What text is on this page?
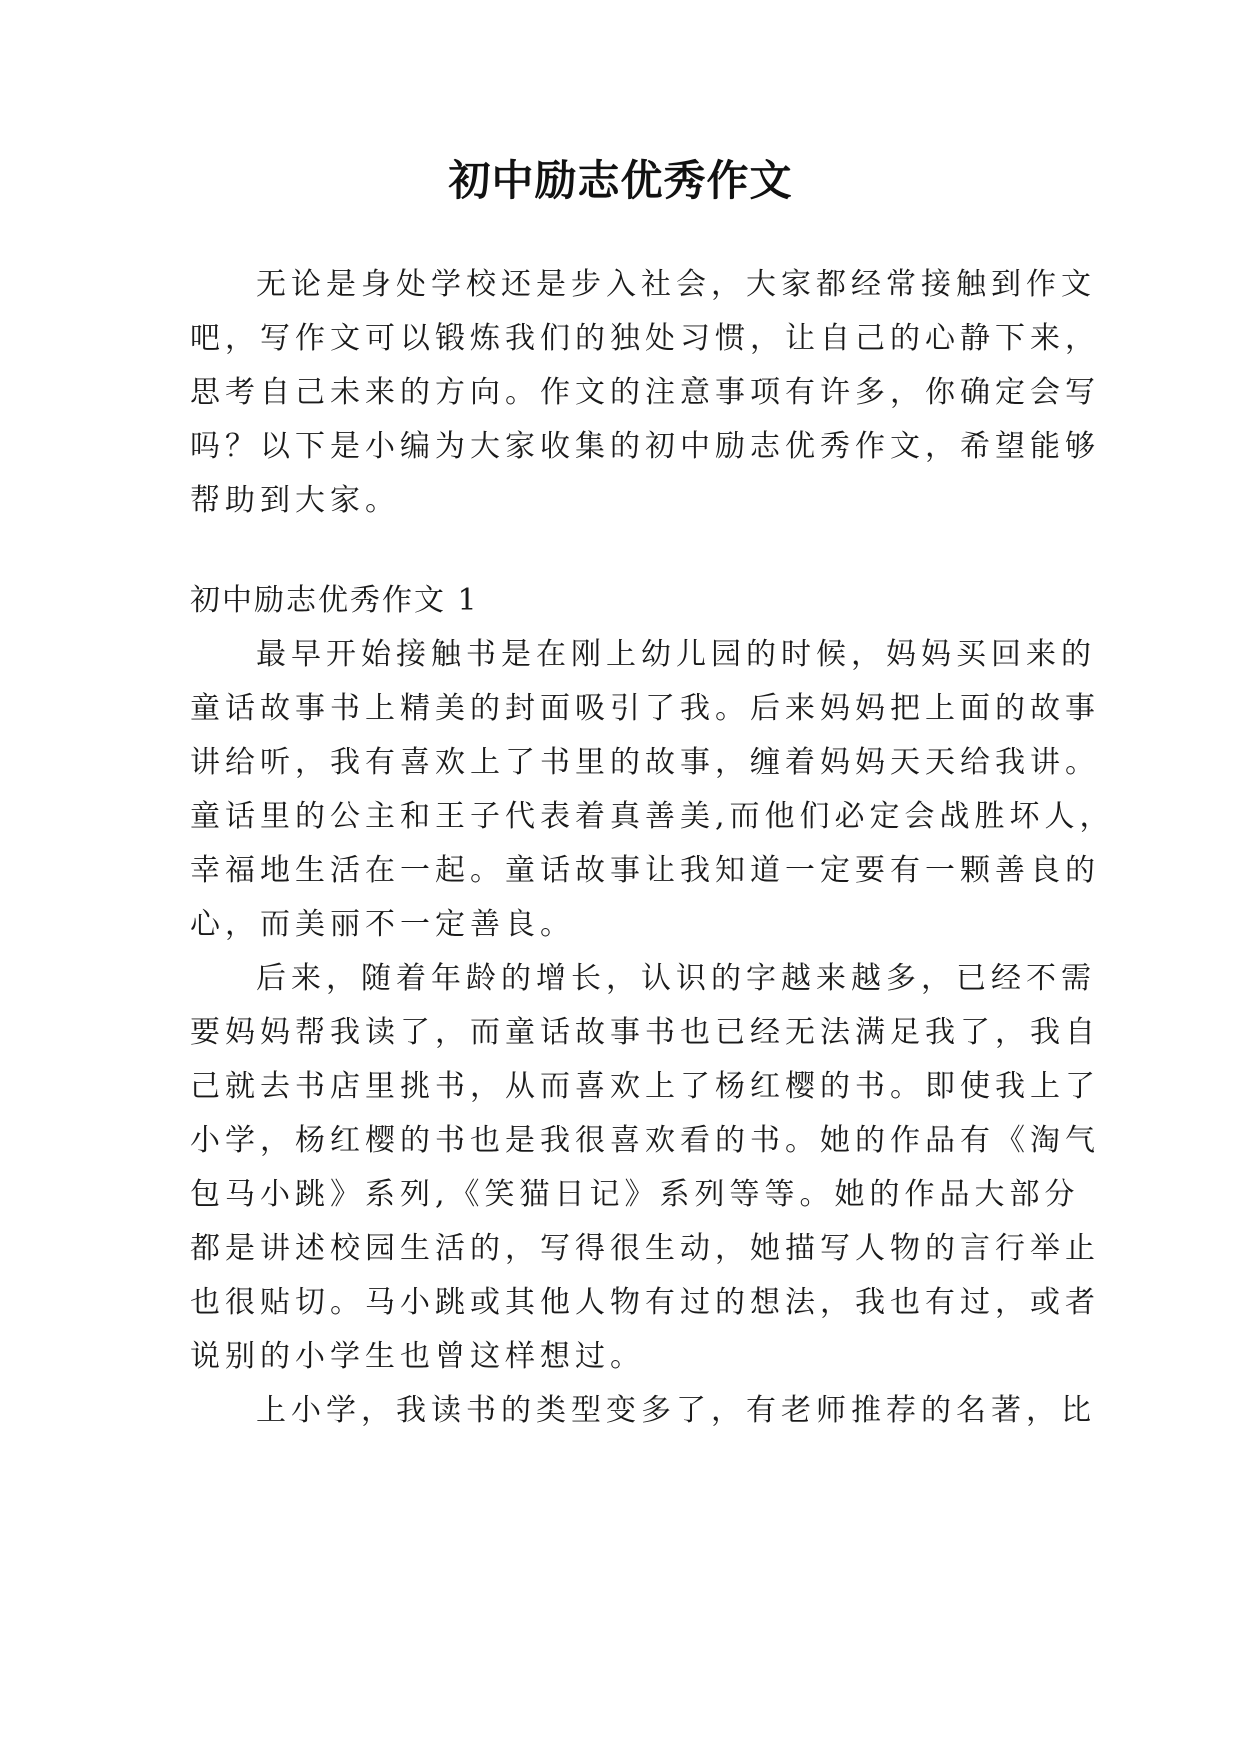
初中励志优秀作文
无论是身处学校还是步入社会，大家都经常接触到作文
吧，写作文可以锻炼我们的独处习惯，让自己的心静下来，
思考自己未来的方向。作文的注意事项有许多，你确定会写
吗？以下是小编为大家收集的初中励志优秀作文，希望能够
帮助到大家。
初中励志优秀作文 1
最早开始接触书是在刚上幼儿园的时候，妈妈买回来的
童话故事书上精美的封面吸引了我。后来妈妈把上面的故事
讲给听，我有喜欢上了书里的故事，缠着妈妈天天给我讲。
童话里的公主和王子代表着真善美,而他们必定会战胜坏人，
幸福地生活在一起。童话故事让我知道一定要有一颗善良的
心，而美丽不一定善良。
后来，随着年龄的增长，认识的字越来越多，已经不需
要妈妈帮我读了，而童话故事书也已经无法满足我了，我自
己就去书店里挑书，从而喜欢上了杨红樱的书。即使我上了
小学，杨红樱的书也是我很喜欢看的书。她的作品有《淘气
包马小跳》系列,《笑猫日记》系列等等。她的作品大部分
都是讲述校园生活的，写得很生动，她描写人物的言行举止
也很贴切。马小跳或其他人物有过的想法，我也有过，或者
说别的小学生也曾这样想过。
上小学，我读书的类型变多了，有老师推荐的名著，比
